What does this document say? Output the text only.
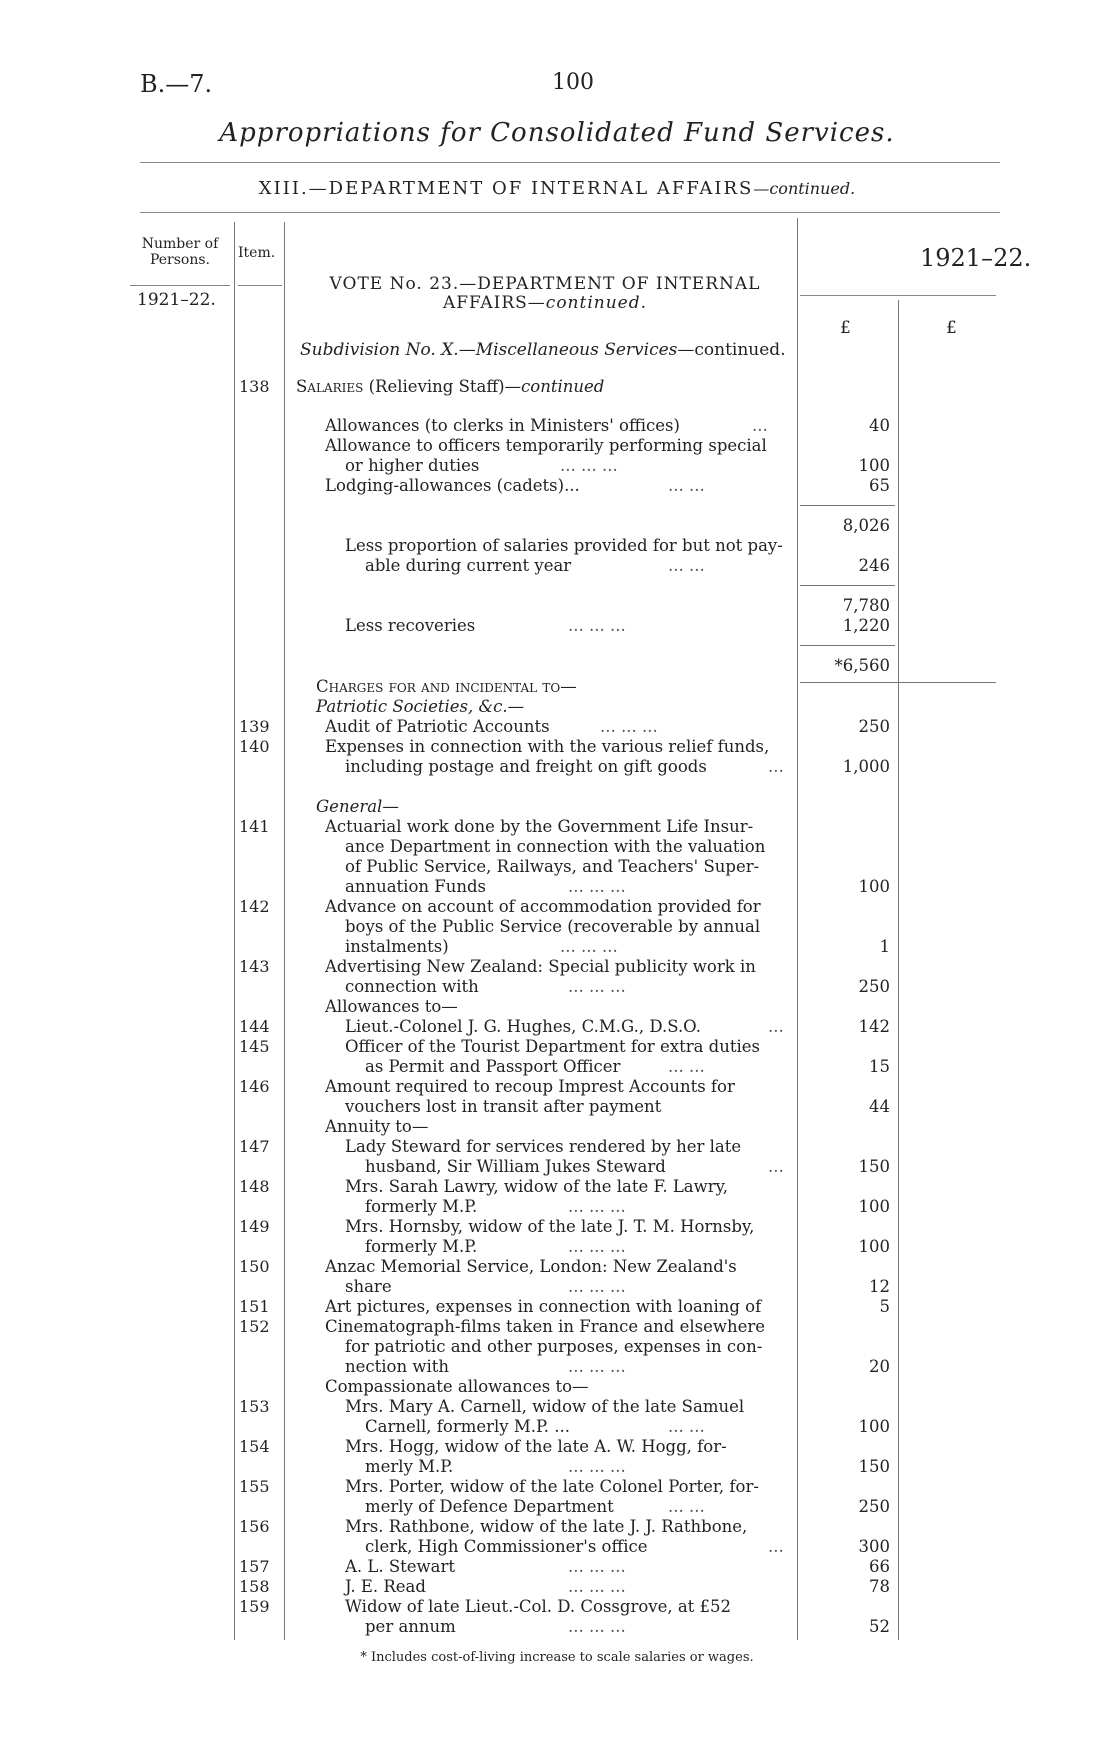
B.—7.	100
Appropriations for Consolidated Fund Services.
XIII.—DEPARTMENT OF INTERNAL AFFAIRS—continued.
Number of Persons.	Item.	1921–22.
1921–22.
VOTE No. 23.—DEPARTMENT OF INTERNAL AFFAIRS—continued.
£	£
Subdivision No. X.—Miscellaneous Services—continued.
138	Salaries (Relieving Staff)—continued
Allowances (to clerks in Ministers' offices)	...	40
Allowance to officers temporarily performing special
or higher duties	... ... ...	100
Lodging-allowances (cadets)...	... ...	65
8,026
Less proportion of salaries provided for but not pay-
able during current year	... ...	246
7,780
Less recoveries	... ... ...	1,220
*6,560
Charges for and incidental to—
Patriotic Societies, &c.—
139	Audit of Patriotic Accounts	... ... ...	250
140	Expenses in connection with the various relief funds,
including postage and freight on gift goods	...	1,000
General—
141	Actuarial work done by the Government Life Insur-
ance Department in connection with the valuation
of Public Service, Railways, and Teachers' Super-
annuation Funds	... ... ...	100
142	Advance on account of accommodation provided for
boys of the Public Service (recoverable by annual
instalments)	... ... ...	1
143	Advertising New Zealand: Special publicity work in
connection with	... ... ...	250
Allowances to—
144	Lieut.-Colonel J. G. Hughes, C.M.G., D.S.O.	...	142
145	Officer of the Tourist Department for extra duties
as Permit and Passport Officer	... ...	15
146	Amount required to recoup Imprest Accounts for
vouchers lost in transit after payment	44
Annuity to—
147	Lady Steward for services rendered by her late
husband, Sir William Jukes Steward	...	150
148	Mrs. Sarah Lawry, widow of the late F. Lawry,
formerly M.P.	... ... ...	100
149	Mrs. Hornsby, widow of the late J. T. M. Hornsby,
formerly M.P.	... ... ...	100
150	Anzac Memorial Service, London: New Zealand's
share	... ... ...	12
151	Art pictures, expenses in connection with loaning of	5
152	Cinematograph-films taken in France and elsewhere
for patriotic and other purposes, expenses in con-
nection with	... ... ...	20
Compassionate allowances to—
153	Mrs. Mary A. Carnell, widow of the late Samuel
Carnell, formerly M.P. ...	... ...	100
154	Mrs. Hogg, widow of the late A. W. Hogg, for-
merly M.P.	... ... ...	150
155	Mrs. Porter, widow of the late Colonel Porter, for-
merly of Defence Department	... ...	250
156	Mrs. Rathbone, widow of the late J. J. Rathbone,
clerk, High Commissioner's office	...	300
157	A. L. Stewart	... ... ...	66
158	J. E. Read	... ... ...	78
159	Widow of late Lieut.-Col. D. Cossgrove, at £52
per annum	... ... ...	52
* Includes cost-of-living increase to scale salaries or wages.
